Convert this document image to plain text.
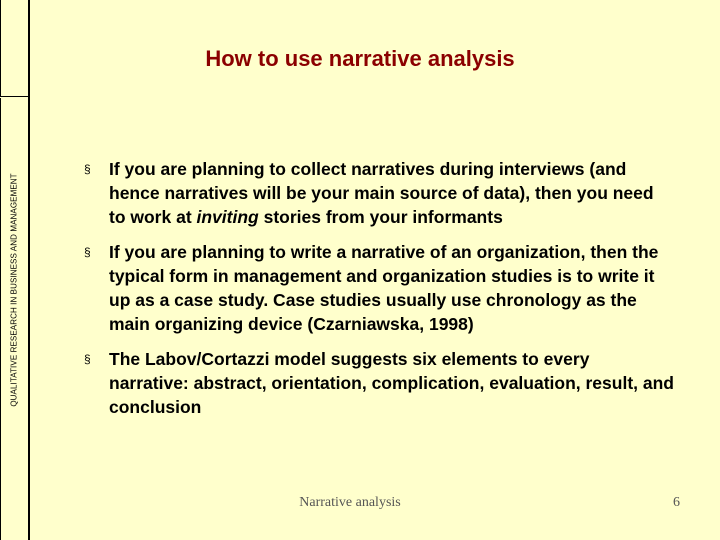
QUALITATIVE RESEARCH IN BUSINESS AND MANAGEMENT
How to use narrative analysis
§ If you are planning to collect narratives during interviews (and hence narratives will be your main source of data), then you need to work at inviting stories from your informants
§ If you are planning to write a narrative of an organization, then the typical form in management and organization studies is to write it up as a case study. Case studies usually use chronology as the main organizing device (Czarniawska, 1998)
§ The Labov/Cortazzi model suggests six elements to every narrative: abstract, orientation, complication, evaluation, result, and conclusion
Narrative analysis	6
